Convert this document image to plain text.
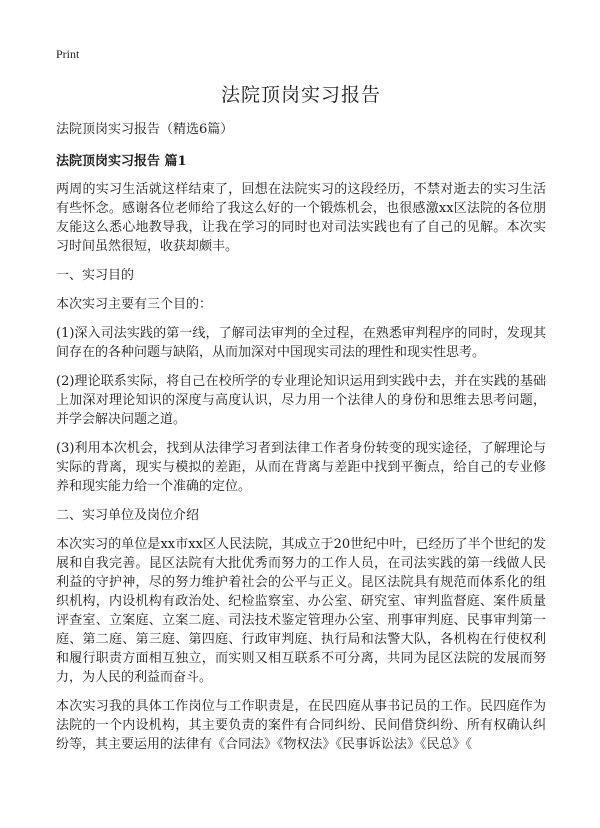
Print
法院顶岗实习报告
法院顶岗实习报告（精选6篇）
法院顶岗实习报告 篇1

两周的实习生活就这样结束了，回想在法院实习的这段经历，不禁对逝去的实习生活有些怀念。感谢各位老师给了我这么好的一个锻炼机会，也很感激xx区法院的各位朋友能这么悉心地教导我，让我在学习的同时也对司法实践也有了自己的见解。本次实习时间虽然很短，收获却颇丰。

一、实习目的

本次实习主要有三个目的：

(1)深入司法实践的第一线，了解司法审判的全过程，在熟悉审判程序的同时，发现其间存在的各种问题与缺陷，从而加深对中国现实司法的理性和现实性思考。

(2)理论联系实际，将自己在校所学的专业理论知识运用到实践中去，并在实践的基础上加深对理论知识的深度与高度认识，尽力用一个法律人的身份和思维去思考问题，并学会解决问题之道。

(3)利用本次机会，找到从法律学习者到法律工作者身份转变的现实途径，了解理论与实际的背离，现实与模拟的差距，从而在背离与差距中找到平衡点，给自己的专业修养和现实能力给一个准确的定位。

二、实习单位及岗位介绍

本次实习的单位是xx市xx区人民法院，其成立于20世纪中叶，已经历了半个世纪的发展和自我完善。昆区法院有大批优秀而努力的工作人员，在司法实践的第一线做人民利益的守护神，尽的努力维护着社会的公平与正义。昆区法院具有规范而体系化的组织机构，内设机构有政治处、纪检监察室、办公室、研究室、审判监督庭、案件质量评查室、立案庭、立案二庭、司法技术鉴定管理办公室、刑事审判庭、民事审判第一庭、第二庭、第三庭、第四庭、行政审判庭、执行局和法警大队，各机构在行使权利和履行职责方面相互独立，而实则又相互联系不可分离，共同为昆区法院的发展而努力，为人民的利益而奋斗。

本次实习我的具体工作岗位与工作职责是，在民四庭从事书记员的工作。民四庭作为法院的一个内设机构，其主要负责的案件有合同纠纷、民间借贷纠纷、所有权确认纠纷等，其主要运用的法律有《合同法》《物权法》《民事诉讼法》《民总》《
